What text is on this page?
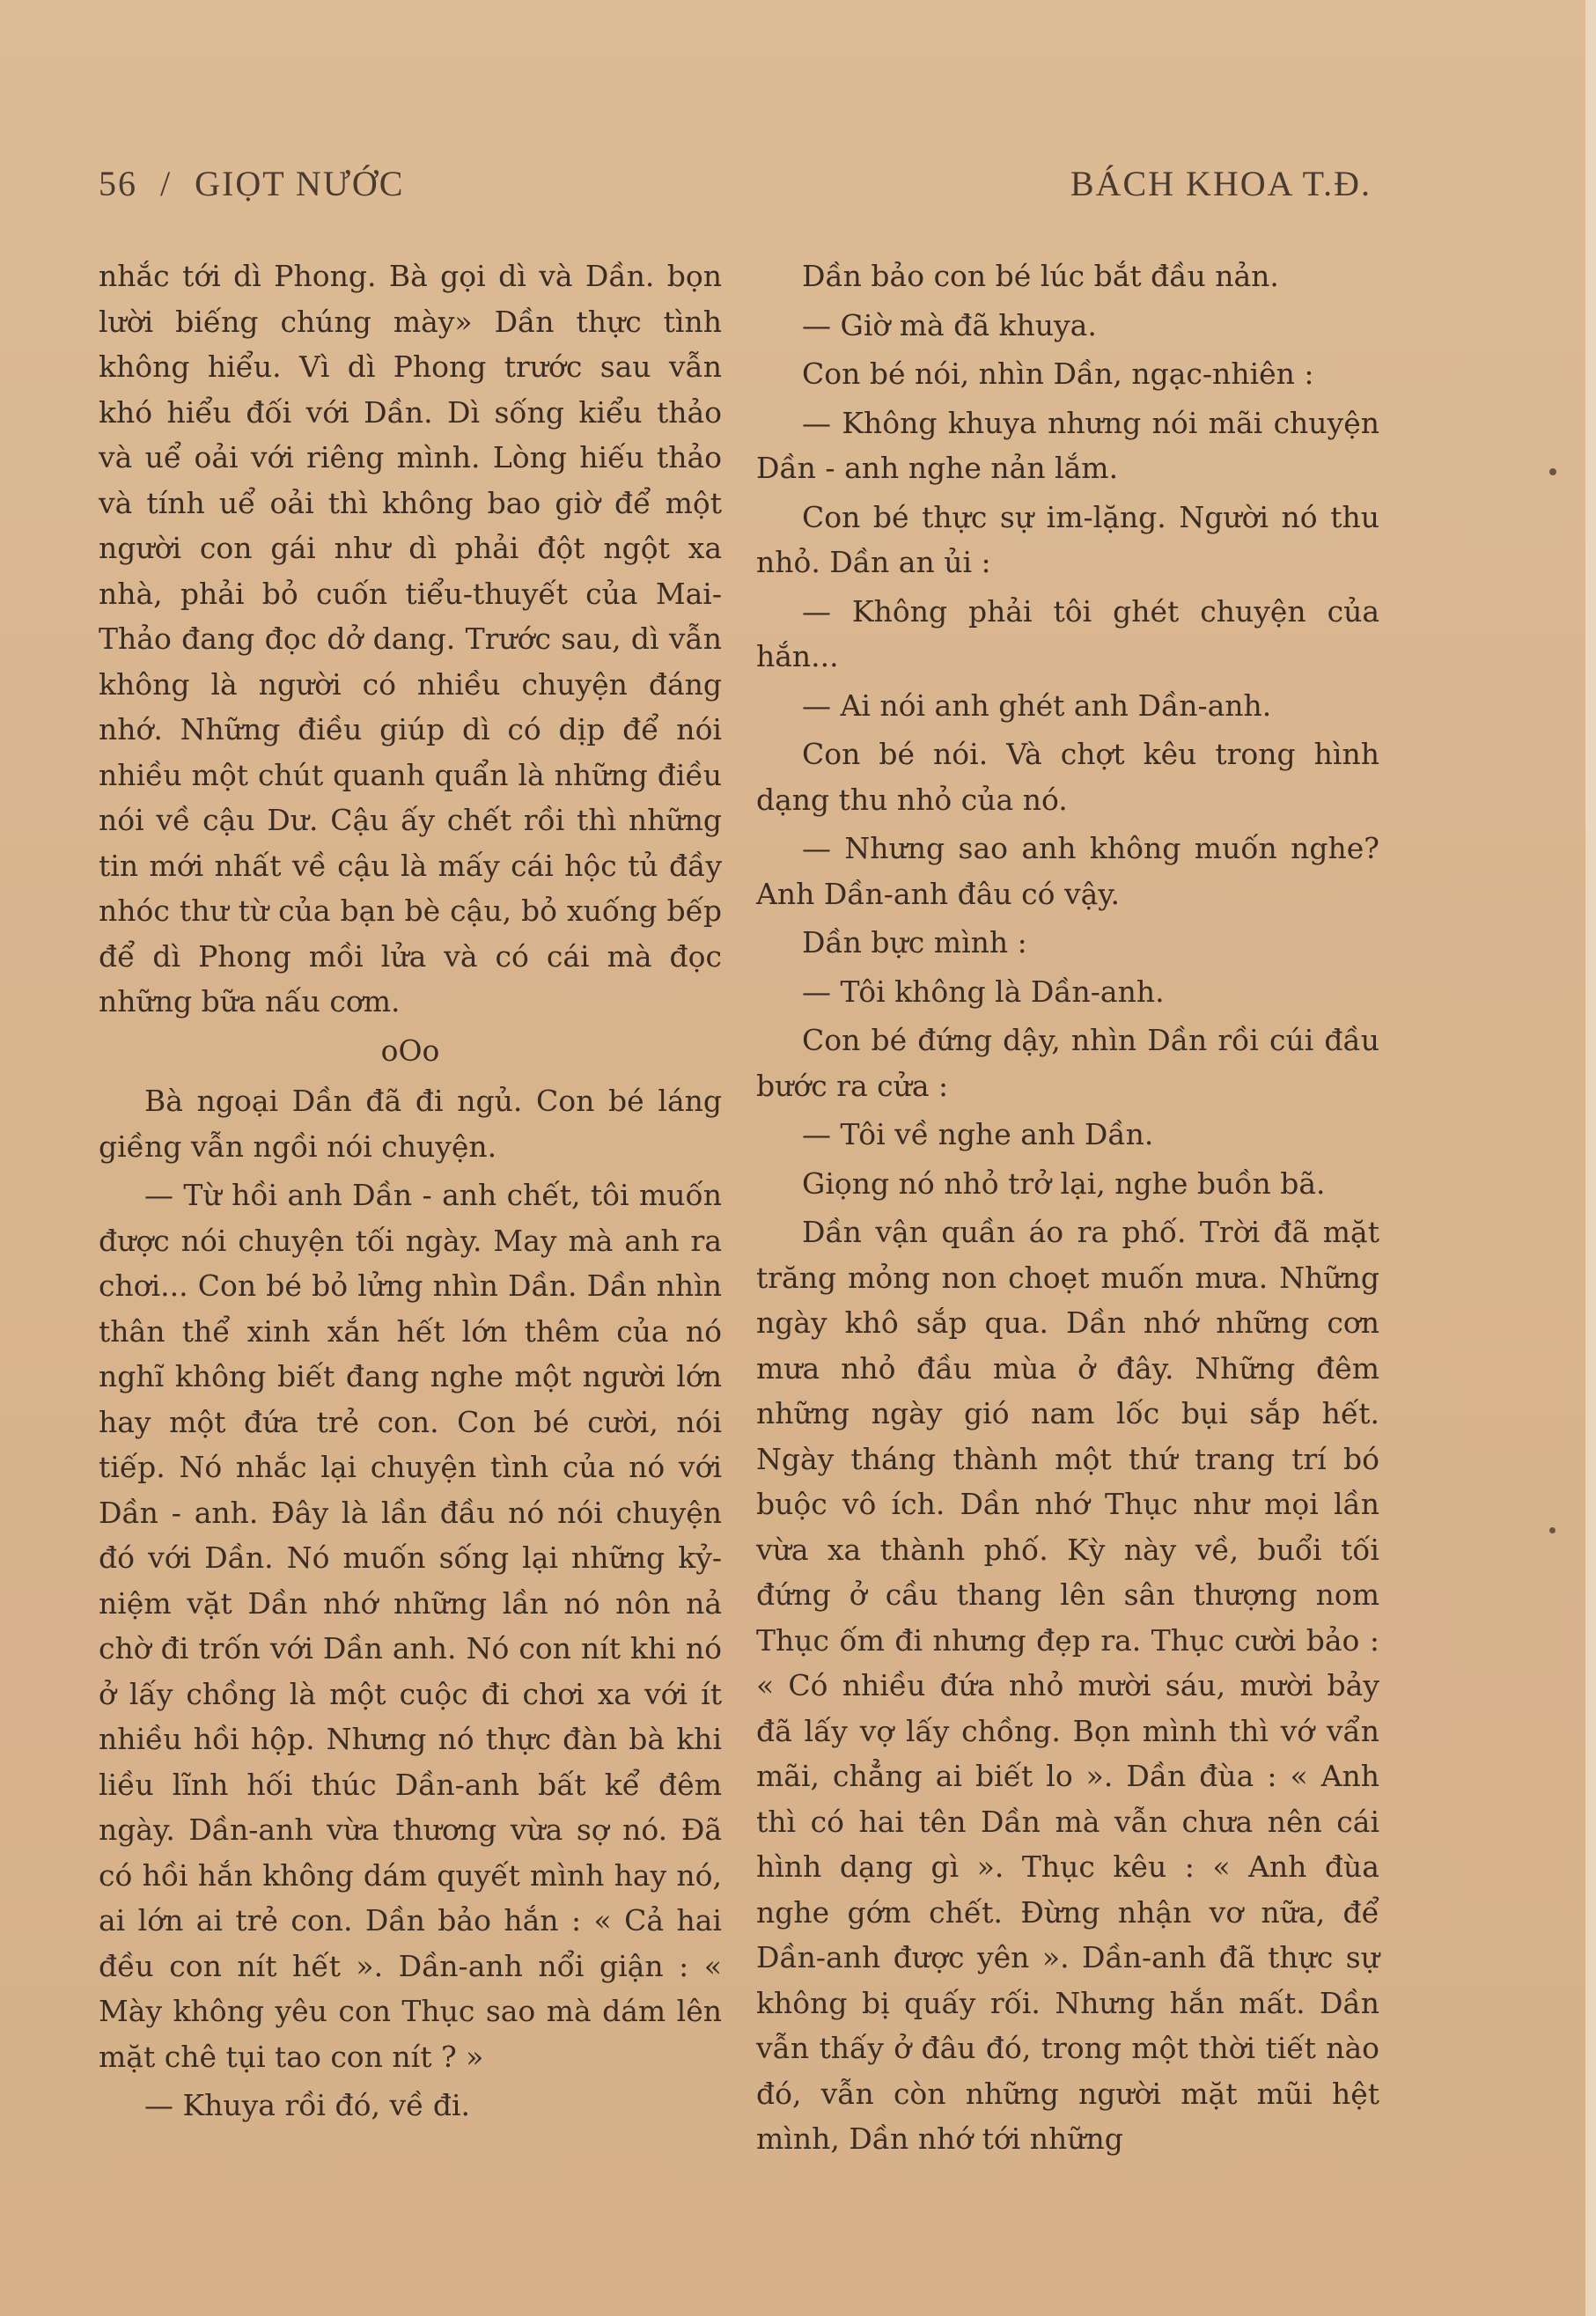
56 / GIỌT NƯỚC	BÁCH KHOA T.Đ.

nhắc tới dì Phong. Bà gọi dì và Dần. bọn lười biếng chúng mày» Dần thực tình không hiểu. Vì dì Phong trước sau vẫn khó hiểu đối với Dần. Dì sống kiểu thảo và uể oải với riêng mình. Lòng hiếu thảo và tính uể oải thì không bao giờ để một người con gái như dì phải đột ngột xa nhà, phải bỏ cuốn tiểu-thuyết của Mai-Thảo đang đọc dở dang. Trước sau, dì vẫn không là người có nhiều chuyện đáng nhớ. Những điều giúp dì có dịp để nói nhiều một chút quanh quẩn là những điều nói về cậu Dư. Cậu ấy chết rồi thì những tin mới nhất về cậu là mấy cái hộc tủ đầy nhóc thư từ của bạn bè cậu, bỏ xuống bếp để dì Phong mồi lửa và có cái mà đọc những bữa nấu cơm.

oOo

Bà ngoại Dần đã đi ngủ. Con bé láng giềng vẫn ngồi nói chuyện.

— Từ hồi anh Dần - anh chết, tôi muốn được nói chuyện tối ngày. May mà anh ra chơi... Con bé bỏ lửng nhìn Dần. Dần nhìn thân thể xinh xắn hết lớn thêm của nó nghĩ không biết đang nghe một người lớn hay một đứa trẻ con. Con bé cười, nói tiếp. Nó nhắc lại chuyện tình của nó với Dần - anh. Đây là lần đầu nó nói chuyện đó với Dần. Nó muốn sống lại những kỷ-niệm vặt Dần nhớ những lần nó nôn nả chờ đi trốn với Dần anh. Nó con nít khi nó ở lấy chồng là một cuộc đi chơi xa với ít nhiều hồi hộp. Nhưng nó thực đàn bà khi liều lĩnh hối thúc Dần-anh bất kể đêm ngày. Dần-anh vừa thương vừa sợ nó. Đã có hồi hắn không dám quyết mình hay nó, ai lớn ai trẻ con. Dần bảo hắn : « Cả hai đều con nít hết ». Dần-anh nổi giận : « Mày không yêu con Thục sao mà dám lên mặt chê tụi tao con nít ? »

— Khuya rồi đó, về đi.

Dần bảo con bé lúc bắt đầu nản.

— Giờ mà đã khuya.

Con bé nói, nhìn Dần, ngạc-nhiên :

— Không khuya nhưng nói mãi chuyện Dần - anh nghe nản lắm.

Con bé thực sự im-lặng. Người nó thu nhỏ. Dần an ủi :

— Không phải tôi ghét chuyện của hắn...

— Ai nói anh ghét anh Dần-anh.

Con bé nói. Và chợt kêu trong hình dạng thu nhỏ của nó.

— Nhưng sao anh không muốn nghe? Anh Dần-anh đâu có vậy.

Dần bực mình :

— Tôi không là Dần-anh.

Con bé đứng dậy, nhìn Dần rồi cúi đầu bước ra cửa :

— Tôi về nghe anh Dần.

Giọng nó nhỏ trở lại, nghe buồn bã.

Dần vận quần áo ra phố. Trời đã mặt trăng mỏng non choẹt muốn mưa. Những ngày khô sắp qua. Dần nhớ những cơn mưa nhỏ đầu mùa ở đây. Những đêm những ngày gió nam lốc bụi sắp hết. Ngày tháng thành một thứ trang trí bó buộc vô ích. Dần nhớ Thục như mọi lần vừa xa thành phố. Kỳ này về, buổi tối đứng ở cầu thang lên sân thượng nom Thục ốm đi nhưng đẹp ra. Thục cười bảo : « Có nhiều đứa nhỏ mười sáu, mười bảy đã lấy vợ lấy chồng. Bọn mình thì vớ vẩn mãi, chẳng ai biết lo ». Dần đùa : « Anh thì có hai tên Dần mà vẫn chưa nên cái hình dạng gì ». Thục kêu : « Anh đùa nghe gớm chết. Đừng nhận vơ nữa, để Dần-anh được yên ». Dần-anh đã thực sự không bị quấy rối. Nhưng hắn mất. Dần vẫn thấy ở đâu đó, trong một thời tiết nào đó, vẫn còn những người mặt mũi hệt mình, Dần nhớ tới những
